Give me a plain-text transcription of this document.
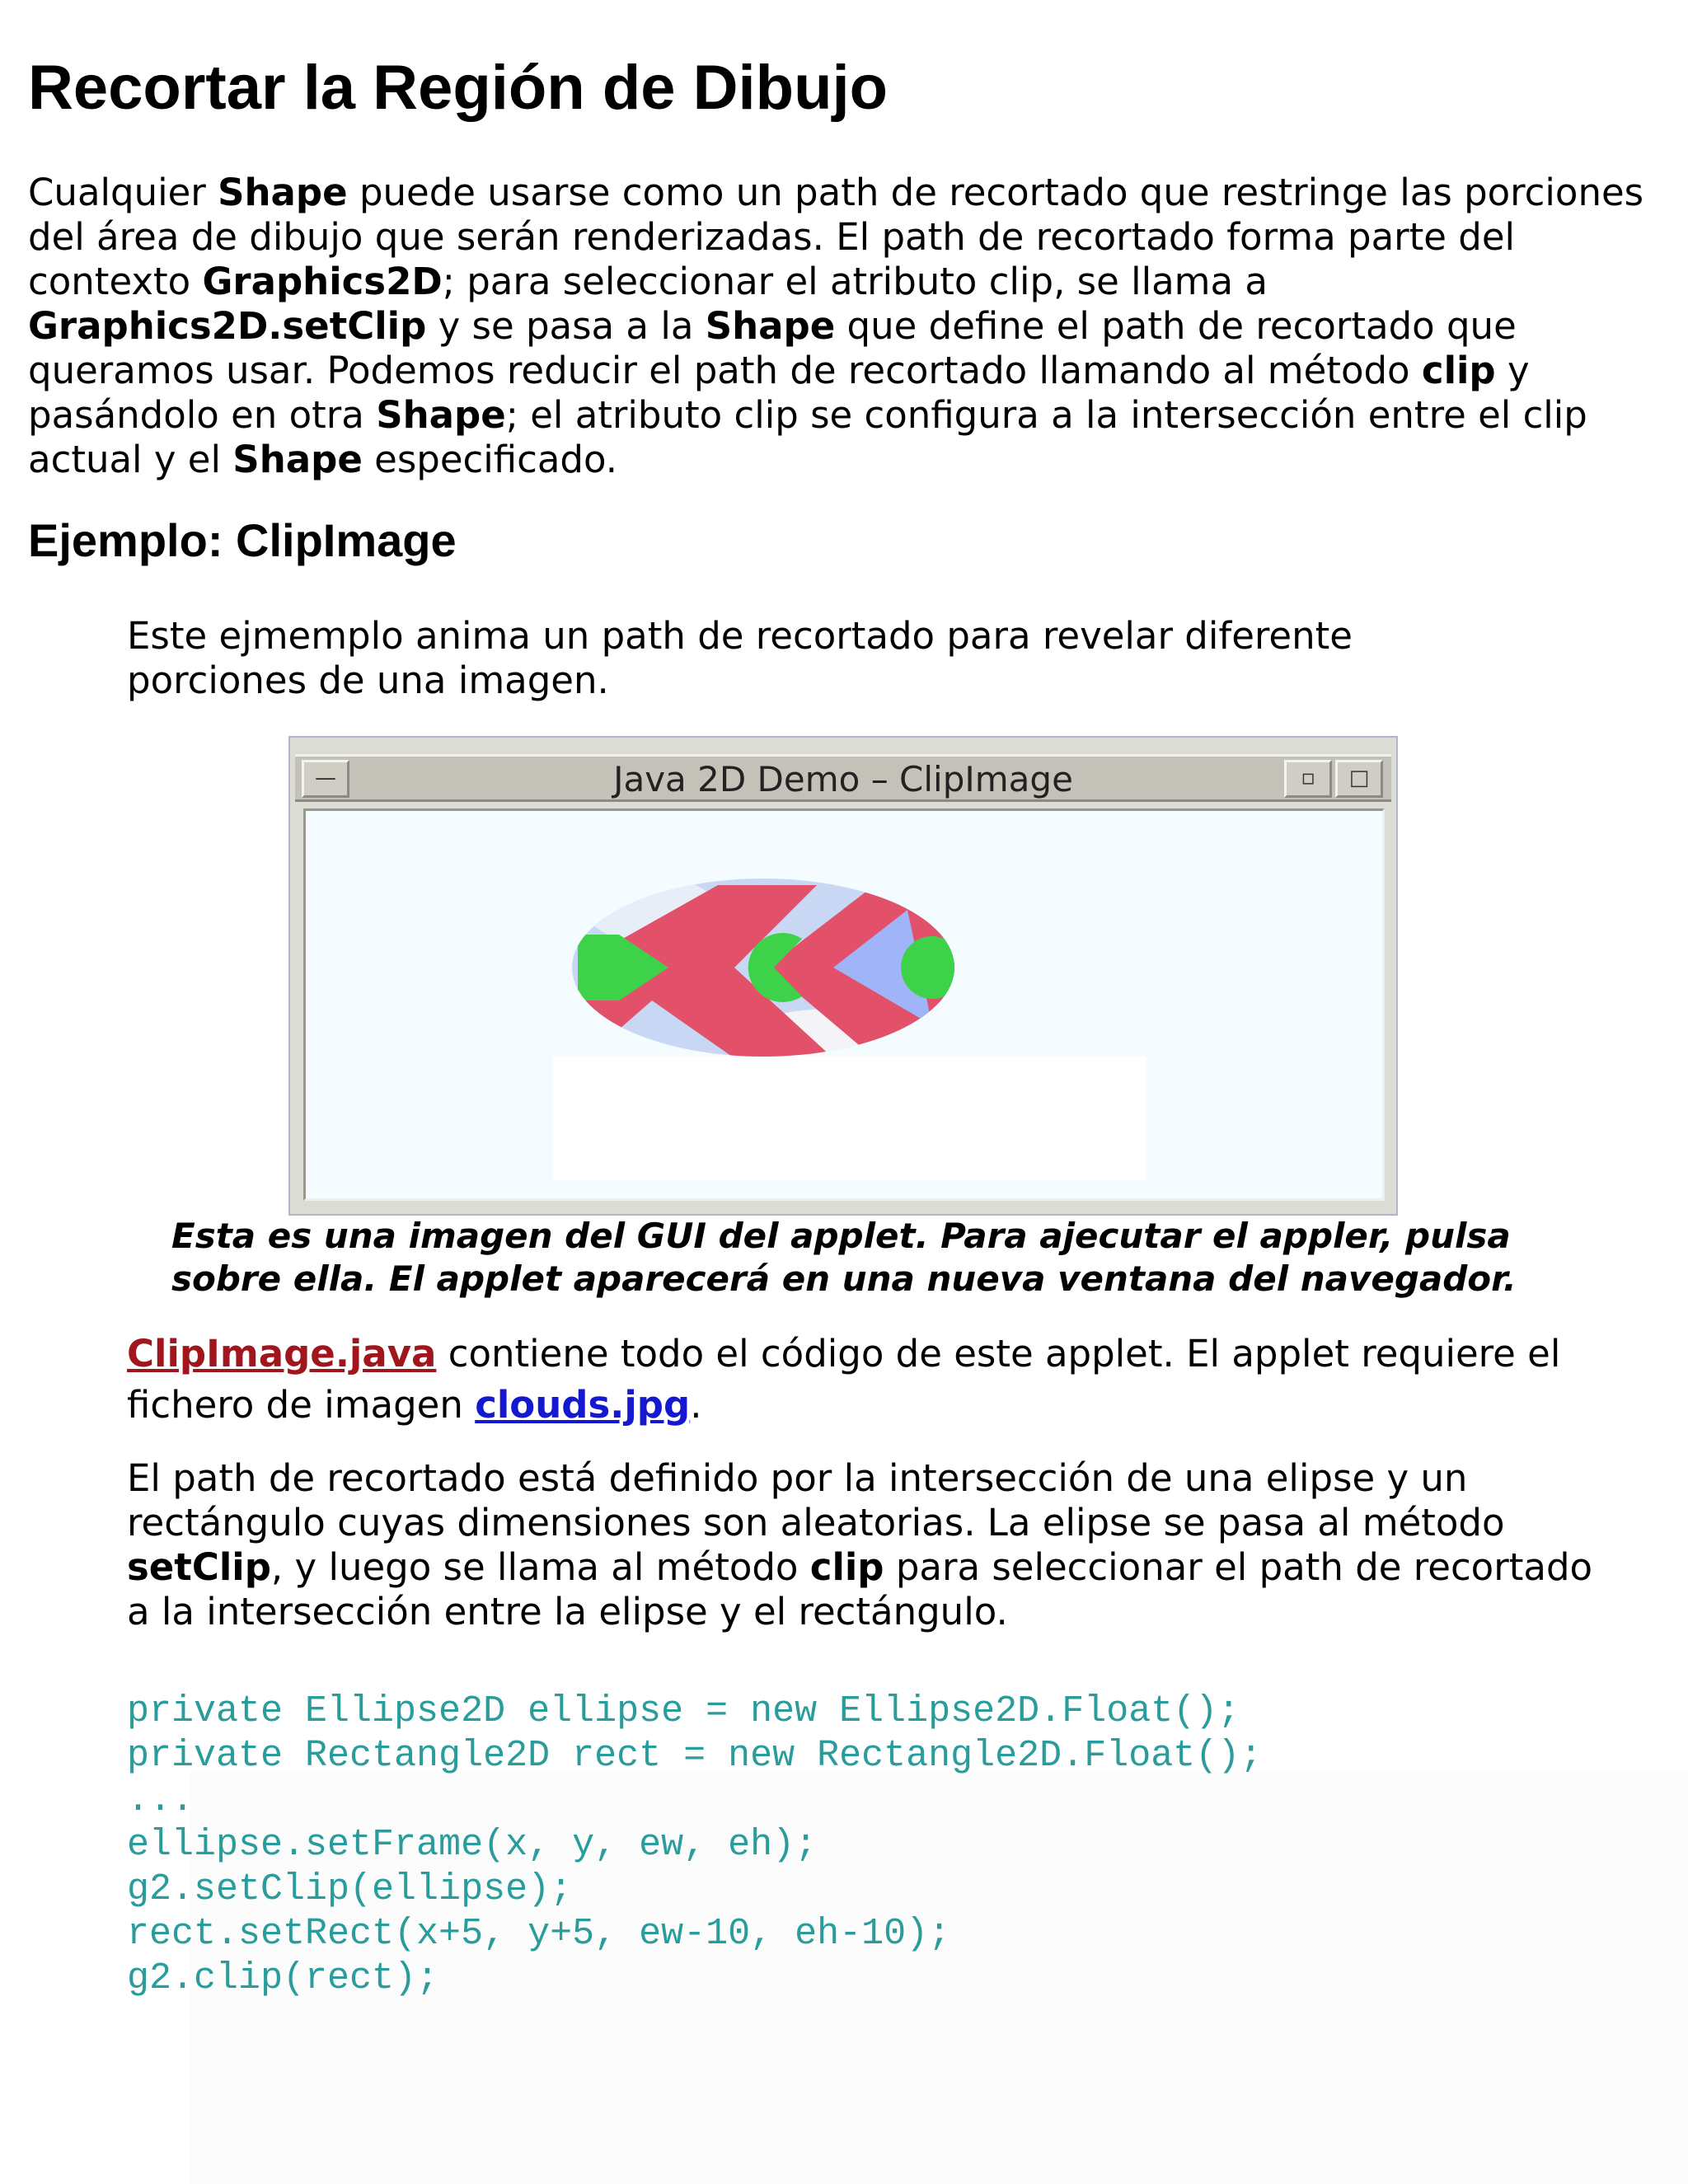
Recortar la Región de Dibujo

Cualquier Shape puede usarse como un path de recortado que restringe las porciones del área de dibujo que serán renderizadas. El path de recortado forma parte del contexto Graphics2D; para seleccionar el atributo clip, se llama a Graphics2D.setClip y se pasa a la Shape que define el path de recortado que queramos usar. Podemos reducir el path de recortado llamando al método clip y pasándolo en otra Shape; el atributo clip se configura a la intersección entre el clip actual y el Shape especificado.

Ejemplo: ClipImage

Este ejmemplo anima un path de recortado para revelar diferente porciones de una imagen.

—	Java 2D Demo – ClipImage	▫	□

Esta es una imagen del GUI del applet. Para ajecutar el appler, pulsa sobre ella. El applet aparecerá en una nueva ventana del navegador.

ClipImage.java contiene todo el código de este applet. El applet requiere el fichero de imagen clouds.jpg.

El path de recortado está definido por la intersección de una elipse y un rectángulo cuyas dimensiones son aleatorias. La elipse se pasa al método setClip, y luego se llama al método clip para seleccionar el path de recortado a la intersección entre la elipse y el rectángulo.

private Ellipse2D ellipse = new Ellipse2D.Float();
private Rectangle2D rect = new Rectangle2D.Float();
...
ellipse.setFrame(x, y, ew, eh);
g2.setClip(ellipse);
rect.setRect(x+5, y+5, ew-10, eh-10);
g2.clip(rect);
